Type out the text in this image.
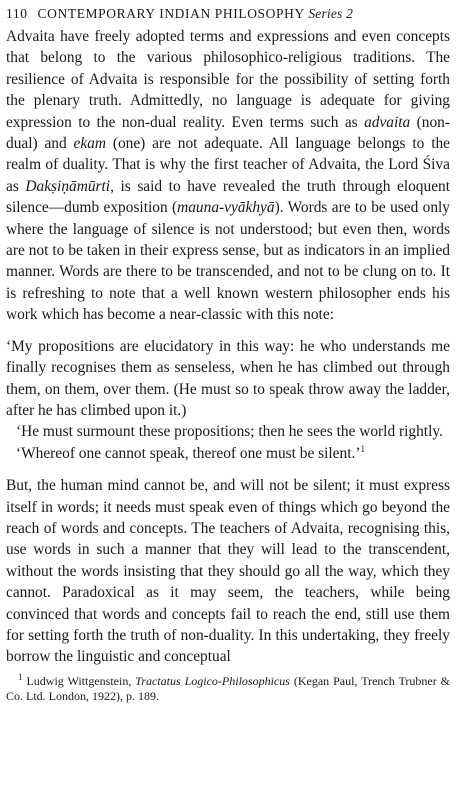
110 CONTEMPORARY INDIAN PHILOSOPHY Series 2

Advaita have freely adopted terms and expressions and even concepts that belong to the various philosophico-religious traditions. The resilience of Advaita is responsible for the possibility of setting forth the plenary truth. Admittedly, no language is adequate for giving expression to the non-dual reality. Even terms such as advaita (non-dual) and ekam (one) are not adequate. All language belongs to the realm of duality. That is why the first teacher of Advaita, the Lord Śiva as Dakṣiṇāmūrti, is said to have revealed the truth through eloquent silence—dumb exposition (mauna-vyākhyā). Words are to be used only where the language of silence is not understood; but even then, words are not to be taken in their express sense, but as indicators in an implied manner. Words are there to be transcended, and not to be clung on to. It is refreshing to note that a well known western philosopher ends his work which has become a near-classic with this note:

‘My propositions are elucidatory in this way: he who understands me finally recognises them as senseless, when he has climbed out through them, on them, over them. (He must so to speak throw away the ladder, after he has climbed upon it.)

‘He must surmount these propositions; then he sees the world rightly.

‘Whereof one cannot speak, thereof one must be silent.’$^1$

But, the human mind cannot be, and will not be silent; it must express itself in words; it needs must speak even of things which go beyond the reach of words and concepts. The teachers of Advaita, recognising this, use words in such a manner that they will lead to the transcendent, without the words insisting that they should go all the way, which they cannot. Paradoxical as it may seem, the teachers, while being convinced that words and concepts fail to reach the end, still use them for setting forth the truth of non-duality. In this undertaking, they freely borrow the linguistic and conceptual

$^1$ Ludwig Wittgenstein, Tractatus Logico-Philosophicus (Kegan Paul, Trench Trubner & Co. Ltd. London, 1922), p. 189.
